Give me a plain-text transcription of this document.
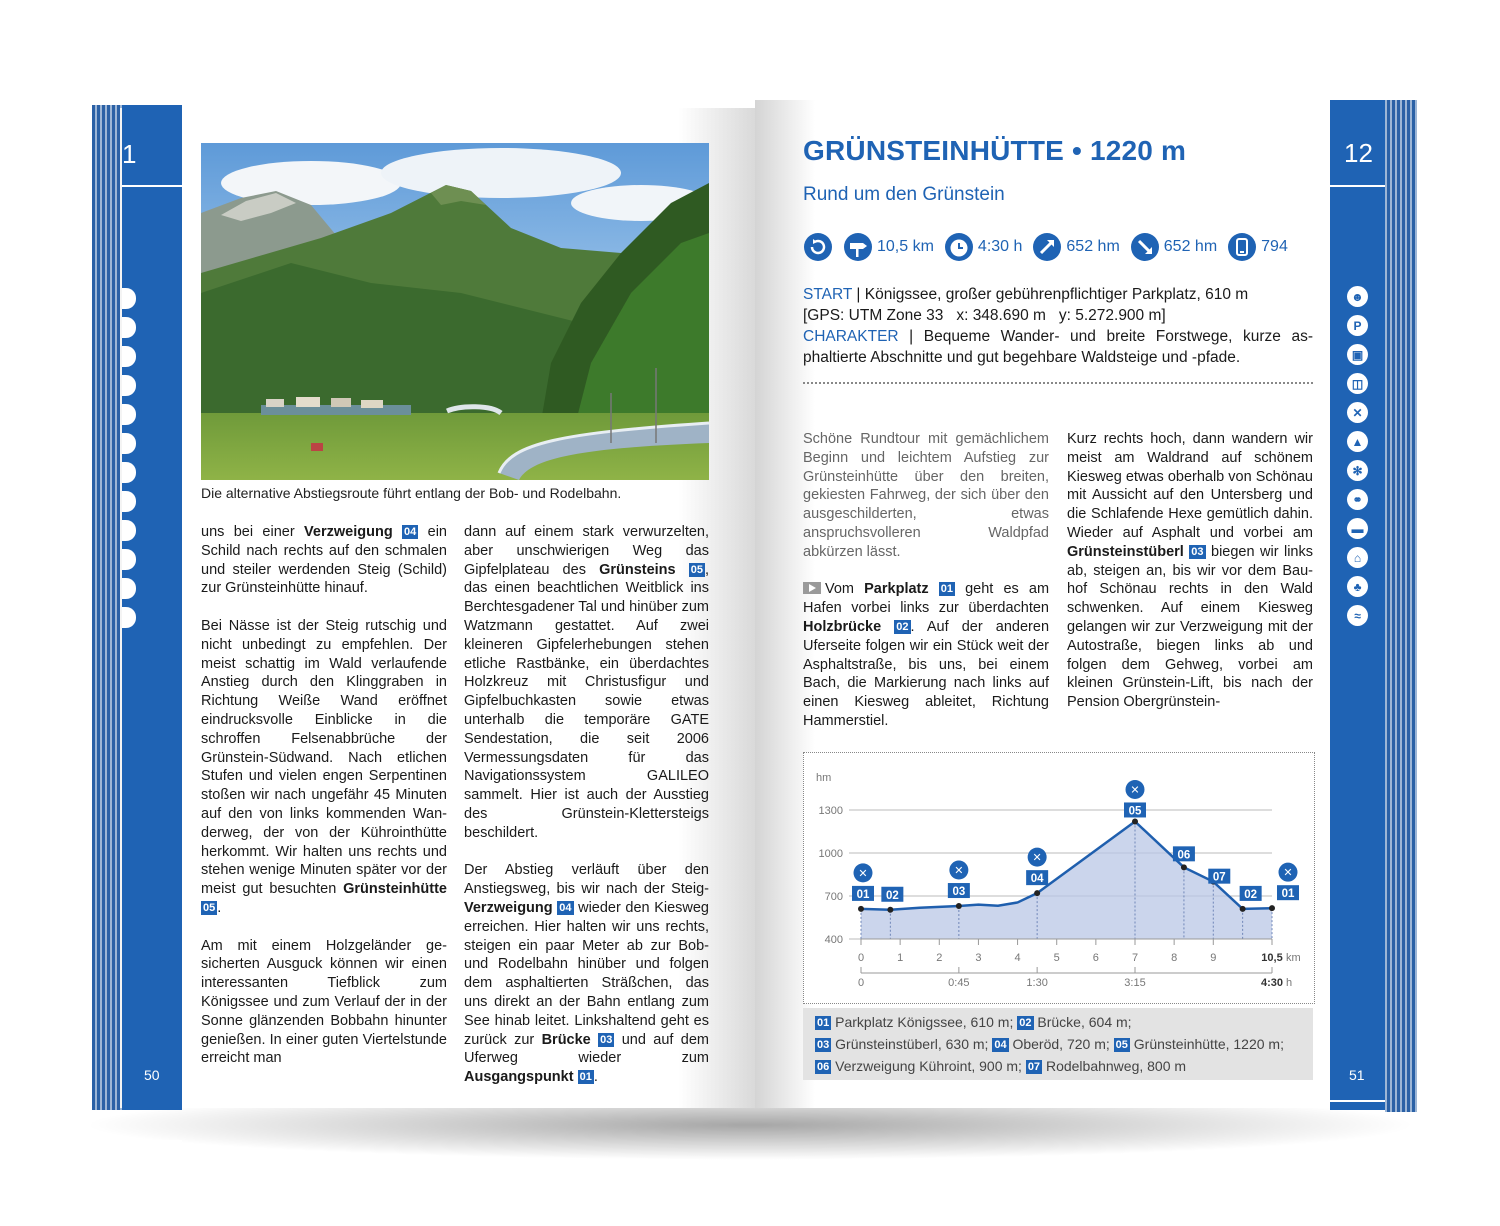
1
50
Die alternative Abstiegsroute führt entlang der Bob- und Rodelbahn.

uns bei einer Verzweigung 04 ein Schild nach rechts auf den schmalen und steiler werdenden Steig (Schild) zur Grünsteinhütte hinauf.

Bei Nässe ist der Steig rutschig und nicht unbedingt zu empfehlen. Der meist schattig im Wald verlaufende Anstieg durch den Klinggraben in Richtung Weiße Wand eröffnet eindrucksvolle Einblicke in die schroffen Felsenabbrüche der Grünstein-Südwand. Nach etlichen Stufen und vielen engen Serpentinen stoßen wir nach ungefähr 45 Minuten auf den von links kommenden Wanderweg, der von der Kührointhütte herkommt. Wir halten uns rechts und stehen wenige Minuten später vor der meist gut besuchten Grünsteinhütte05 .

Am mit einem Holzgeländer gesicherten Ausguck können wir einen interessanten Tiefblick zum Königssee und zum Verlauf der in der Sonne glänzenden Bobbahn hinunter genießen. In einer guten Viertelstunde erreicht man

dann auf einem stark verwurzelten, aber unschwierigen Weg das Gipfelplateau des Grünsteins 05 , das einen beachtlichen Weitblick ins Berchtesgadener Tal und hinüber zum Watzmann gestattet. Auf zwei kleineren Gipfelerhebungen stehen etliche Rastbänke, ein überdachtes Holzkreuz mit Christusfigur und Gipfelbuchkasten sowie etwas unterhalb die temporäre GATE Sendestation, die seit 2006 Vermessungsdaten für das Navigationssystem GALILEO sammelt. Hier ist auch der Ausstieg des Grünstein-Klettersteigs beschildert.

Der Abstieg verläuft über den Anstiegsweg, bis wir nach der Steig-Verzweigung 04 wieder den Kiesweg erreichen. Hier halten wir uns rechts, steigen ein paar Meter ab zur Bob- und Rodelbahn hinüber und folgen dem asphaltierten Sträßchen, das uns direkt an der Bahn entlang zum See hinab leitet. Linkshaltend geht es zurück zur Brücke 03 und auf dem Uferweg wieder zum Ausgangspunkt 01 .

12
51
☻
P
▣
◫
✕
▲
✻
⚭
▬
⌂
♣
≈
GRÜNSTEINHÜTTE • 1220 m
Rund um den Grünstein
10,5 km	4:30 h	652 hm	652 hm	794
START | Königssee, großer gebührenpflichtiger Parkplatz, 610 m
[GPS: UTM Zone 33   x: 348.690 m   y: 5.272.900 m]
CHARAKTER | Bequeme Wander- und breite Forstwege, kurze asphaltierte Abschnitte und gut begehbare Waldsteige und -pfade.

Schöne Rundtour mit gemächlichem Beginn und leichtem Aufstieg zur Grünsteinhütte über den breiten, gekiesten Fahrweg, der sich über den ausgeschilderten, etwas anspruchsvolleren Waldpfad abkürzen lässt.

Vom Parkplatz 01 geht es am Hafen vorbei links zur überdachten Holzbrücke 02 . Auf der anderen Uferseite folgen wir ein Stück weit der Asphaltstraße, bis uns, bei einem Bach, die Markierung nach links auf einen Kiesweg ableitet, Richtung Hammerstiel.

Kurz rechts hoch, dann wandern wir meist am Waldrand auf schönem Kiesweg etwas oberhalb von Schönau mit Aussicht auf den Untersberg und die Schlafende Hexe gemütlich dahin. Wieder auf Asphalt und vorbei am Grünsteinstüberl 03 biegen wir links ab, steigen an, bis wir vor dem Bauhof Schönau rechts in den Wald schwenken. Auf einem Kiesweg gelangen wir zur Verzweigung mit der Autostraße, biegen links ab und folgen dem Gehweg, vorbei am kleinen Grünstein-Lift, bis nach der Pension Obergrünstein-

400
700
1000
1300
hm
0	1	2	3	4	5	6	7	8	9	10,5 km
0	0:45	1:30	3:15	4:30 h
01
✕
02	03
✕
04
✕
05
✕
06
07
02 01
✕
01 Parkplatz Königssee, 610 m; 02 Brücke, 604 m;
03 Grünsteinstüberl, 630 m; 04 Oberöd, 720 m; 05 Grünsteinhütte, 1220 m;
06 Verzweigung Kühroint, 900 m; 07 Rodelbahnweg, 800 m
